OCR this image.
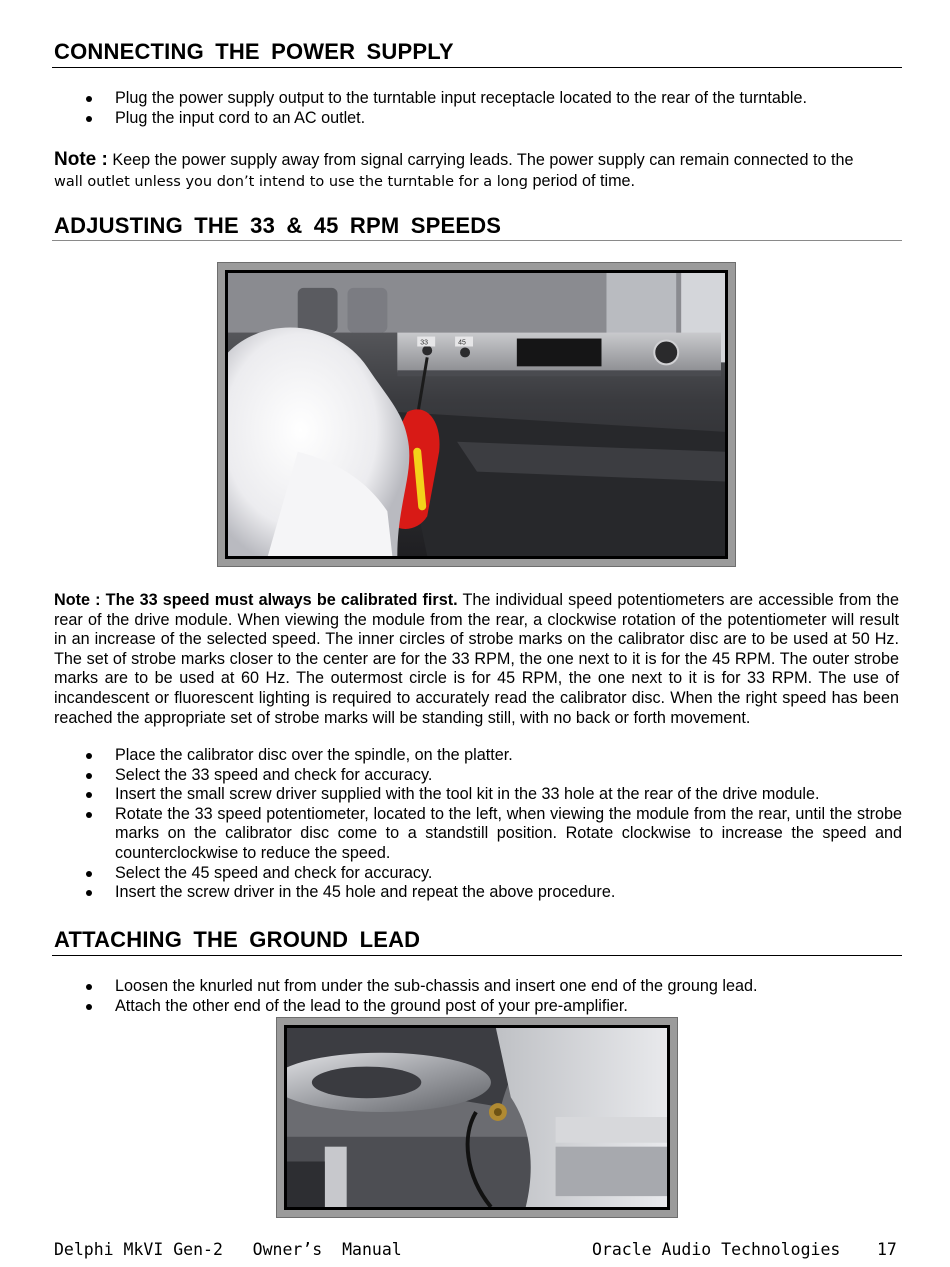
CONNECTING THE POWER SUPPLY
Plug the power supply output to the turntable input receptacle located to the rear of the turntable.
Plug the input cord to an AC outlet.

Note : Keep the power supply away from signal carrying leads. The power supply can remain connected to the

wall outlet unless you don’t intend to use the turntable for a long period of time.

ADJUSTING THE 33 & 45 RPM SPEEDS
33	45

Note : The 33 speed must always be calibrated first. The individual speed potentiometers are accessible from the rear of the drive module. When viewing the module from the rear, a clockwise rotation of the potentiometer will result in an increase of the selected speed. The inner circles of strobe marks on the calibrator disc are to be used at 50 Hz. The set of strobe marks closer to the center are for the 33 RPM, the one next to it is for the 45 RPM. The outer strobe marks are to be used at 60 Hz. The outermost circle is for 45 RPM, the one next to it is for 33 RPM. The use of incandescent or fluorescent lighting is required to accurately read the calibrator disc. When the right speed has been reached the appropriate set of strobe marks will be standing still, with no back or forth movement.

Place the calibrator disc over the spindle, on the platter.
Select the 33 speed and check for accuracy.
Insert the small screw driver supplied with the tool kit in the 33 hole at the rear of the drive module.
Rotate the 33 speed potentiometer, located to the left, when viewing the module from the rear, until the strobe marks on the calibrator disc come to a standstill position. Rotate clockwise to increase the speed and counterclockwise to reduce the speed.
Select the 45 speed and check for accuracy.
Insert the screw driver in the 45 hole and repeat the above procedure.
ATTACHING THE GROUND LEAD
Loosen the knurled nut from under the sub-chassis and insert one end of the groung lead.
Attach the other end of the lead to the ground post of your pre-amplifier.
Delphi MkVI Gen-2   Owner’s  Manual	Oracle Audio Technologies 17
